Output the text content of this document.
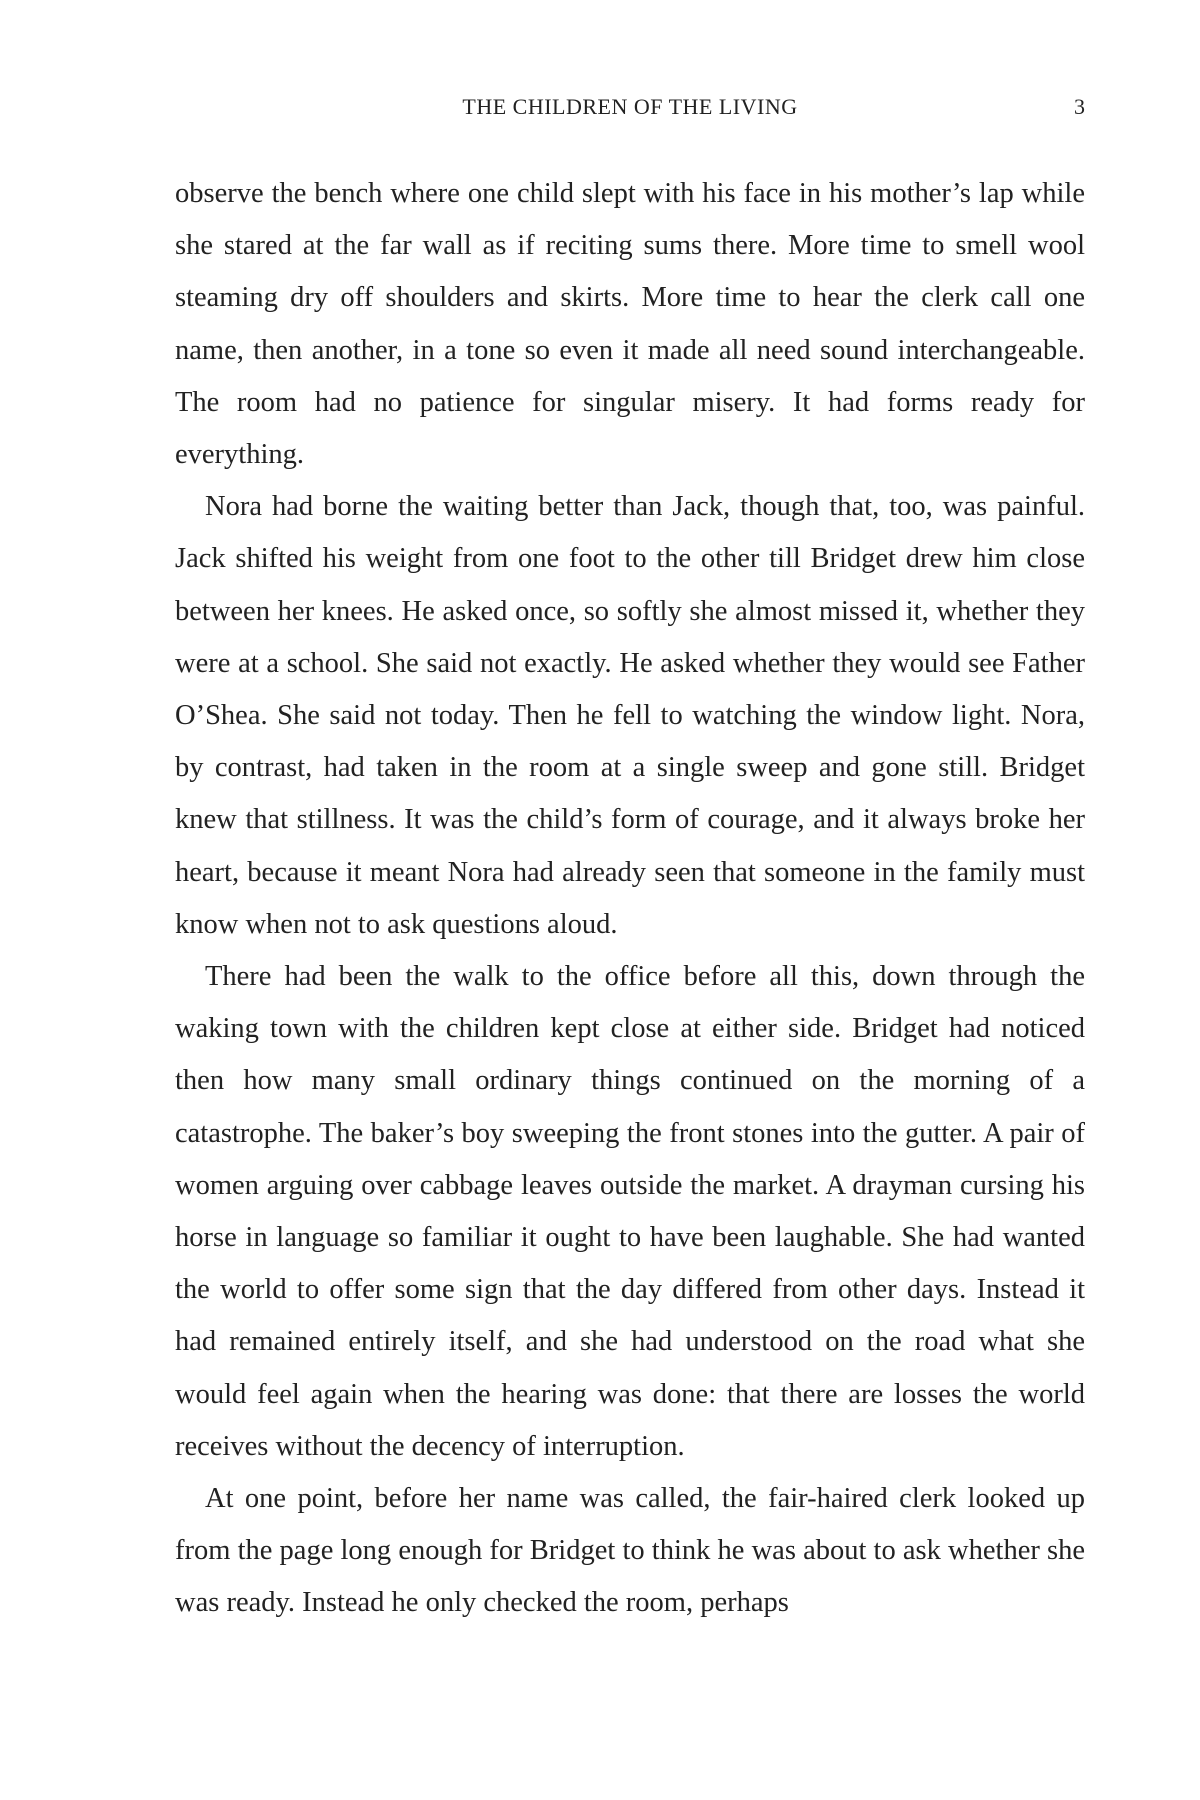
THE CHILDREN OF THE LIVING	3

observe the bench where one child slept with his face in his mother’s lap while she stared at the far wall as if reciting sums there. More time to smell wool steaming dry off shoulders and skirts. More time to hear the clerk call one name, then another, in a tone so even it made all need sound interchangeable. The room had no patience for singular misery. It had forms ready for everything.

Nora had borne the waiting better than Jack, though that, too, was painful. Jack shifted his weight from one foot to the other till Bridget drew him close between her knees. He asked once, so softly she almost missed it, whether they were at a school. She said not exactly. He asked whether they would see Father O’Shea. She said not today. Then he fell to watching the window light. Nora, by contrast, had taken in the room at a single sweep and gone still. Bridget knew that stillness. It was the child’s form of courage, and it always broke her heart, because it meant Nora had already seen that someone in the family must know when not to ask questions aloud.

There had been the walk to the office before all this, down through the waking town with the children kept close at either side. Bridget had noticed then how many small ordinary things continued on the morning of a catastrophe. The baker’s boy sweeping the front stones into the gutter. A pair of women arguing over cabbage leaves outside the market. A drayman cursing his horse in language so familiar it ought to have been laughable. She had wanted the world to offer some sign that the day differed from other days. Instead it had remained entirely itself, and she had understood on the road what she would feel again when the hearing was done: that there are losses the world receives without the decency of interruption.

At one point, before her name was called, the fair-haired clerk looked up from the page long enough for Bridget to think he was about to ask whether she was ready. Instead he only checked the room, perhaps
